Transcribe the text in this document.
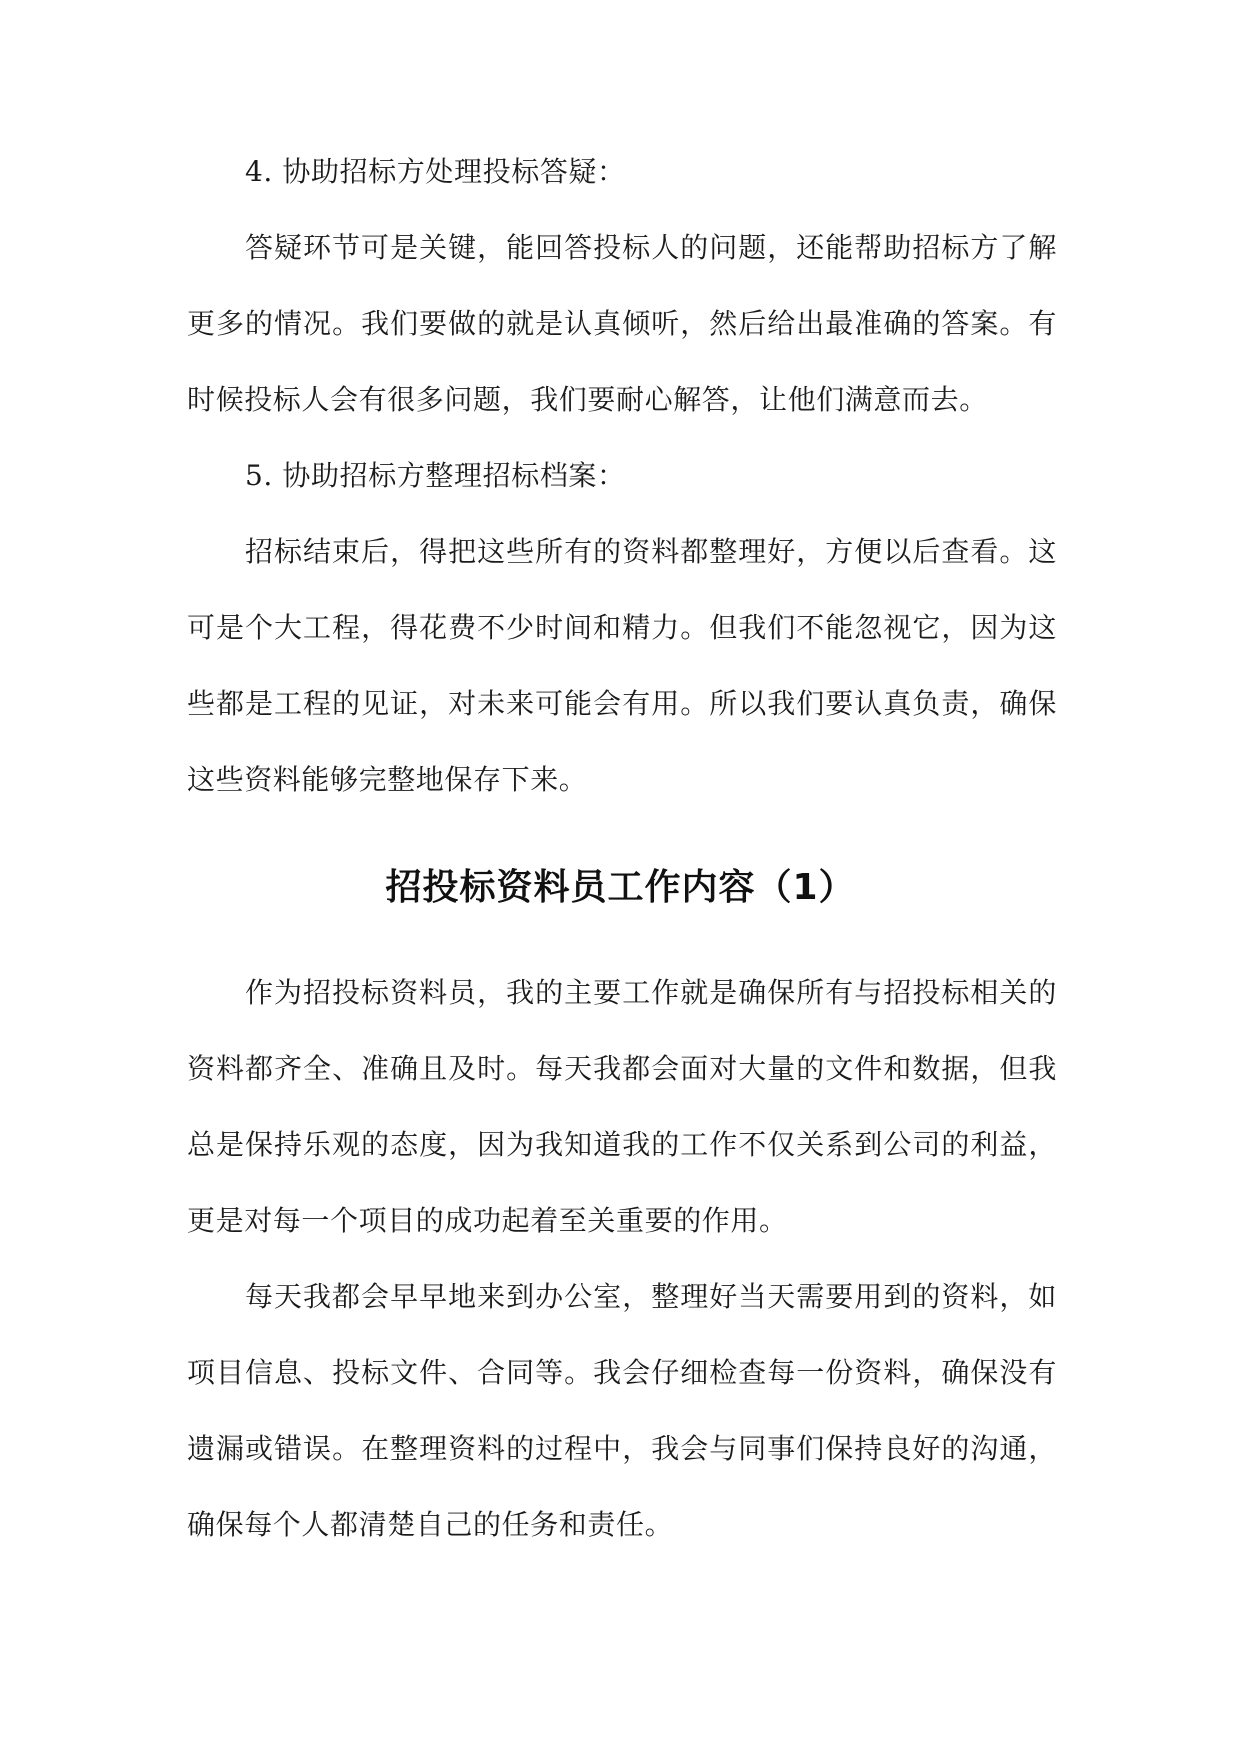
4. 协助招标方处理投标答疑：

答疑环节可是关键，能回答投标人的问题，还能帮助招标方了解更多的情况。我们要做的就是认真倾听，然后给出最准确的答案。有时候投标人会有很多问题，我们要耐心解答，让他们满意而去。

5. 协助招标方整理招标档案：

招标结束后，得把这些所有的资料都整理好，方便以后查看。这可是个大工程，得花费不少时间和精力。但我们不能忽视它，因为这些都是工程的见证，对未来可能会有用。所以我们要认真负责，确保这些资料能够完整地保存下来。

招投标资料员工作内容（1）

作为招投标资料员，我的主要工作就是确保所有与招投标相关的资料都齐全、准确且及时。每天我都会面对大量的文件和数据，但我总是保持乐观的态度，因为我知道我的工作不仅关系到公司的利益，更是对每一个项目的成功起着至关重要的作用。

每天我都会早早地来到办公室，整理好当天需要用到的资料，如项目信息、投标文件、合同等。我会仔细检查每一份资料，确保没有遗漏或错误。在整理资料的过程中，我会与同事们保持良好的沟通，确保每个人都清楚自己的任务和责任。
